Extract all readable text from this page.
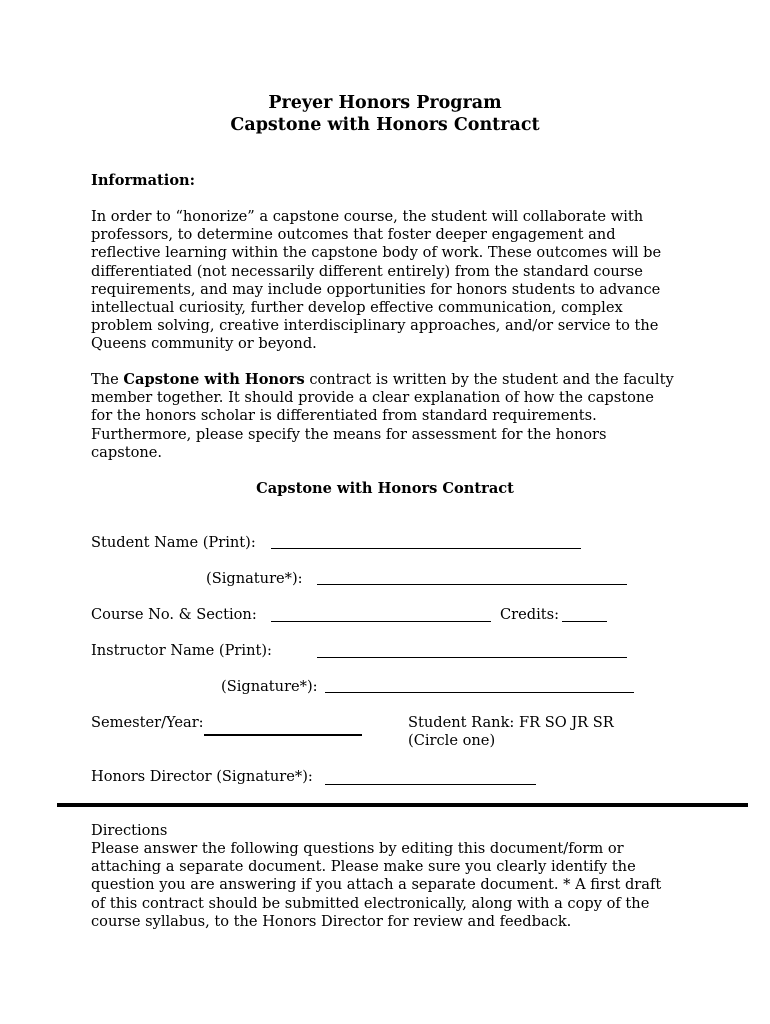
Preyer Honors Program
Capstone with Honors Contract
Information:
In order to “honorize” a capstone course, the student will collaborate with professors, to determine outcomes that foster deeper engagement and reflective learning within the capstone body of work. These outcomes will be differentiated (not necessarily different entirely) from the standard course requirements, and may include opportunities for honors students to advance intellectual curiosity, further develop effective communication, complex problem solving, creative interdisciplinary approaches, and/or service to the Queens community or beyond.
The Capstone with Honors contract is written by the student and the faculty member together. It should provide a clear explanation of how the capstone for the honors scholar is differentiated from standard requirements. Furthermore, please specify the means for assessment for the honors capstone.
Capstone with Honors Contract
Student Name (Print):
(Signature*):
Course No. & Section:	Credits:
Instructor Name (Print):
(Signature*):
Semester/Year:	Student Rank: FR SO JR SR
(Circle one)
Honors Director (Signature*):
Directions
Please answer the following questions by editing this document/form or attaching a separate document. Please make sure you clearly identify the question you are answering if you attach a separate document. * A first draft of this contract should be submitted electronically, along with a copy of the course syllabus, to the Honors Director for review and feedback.
